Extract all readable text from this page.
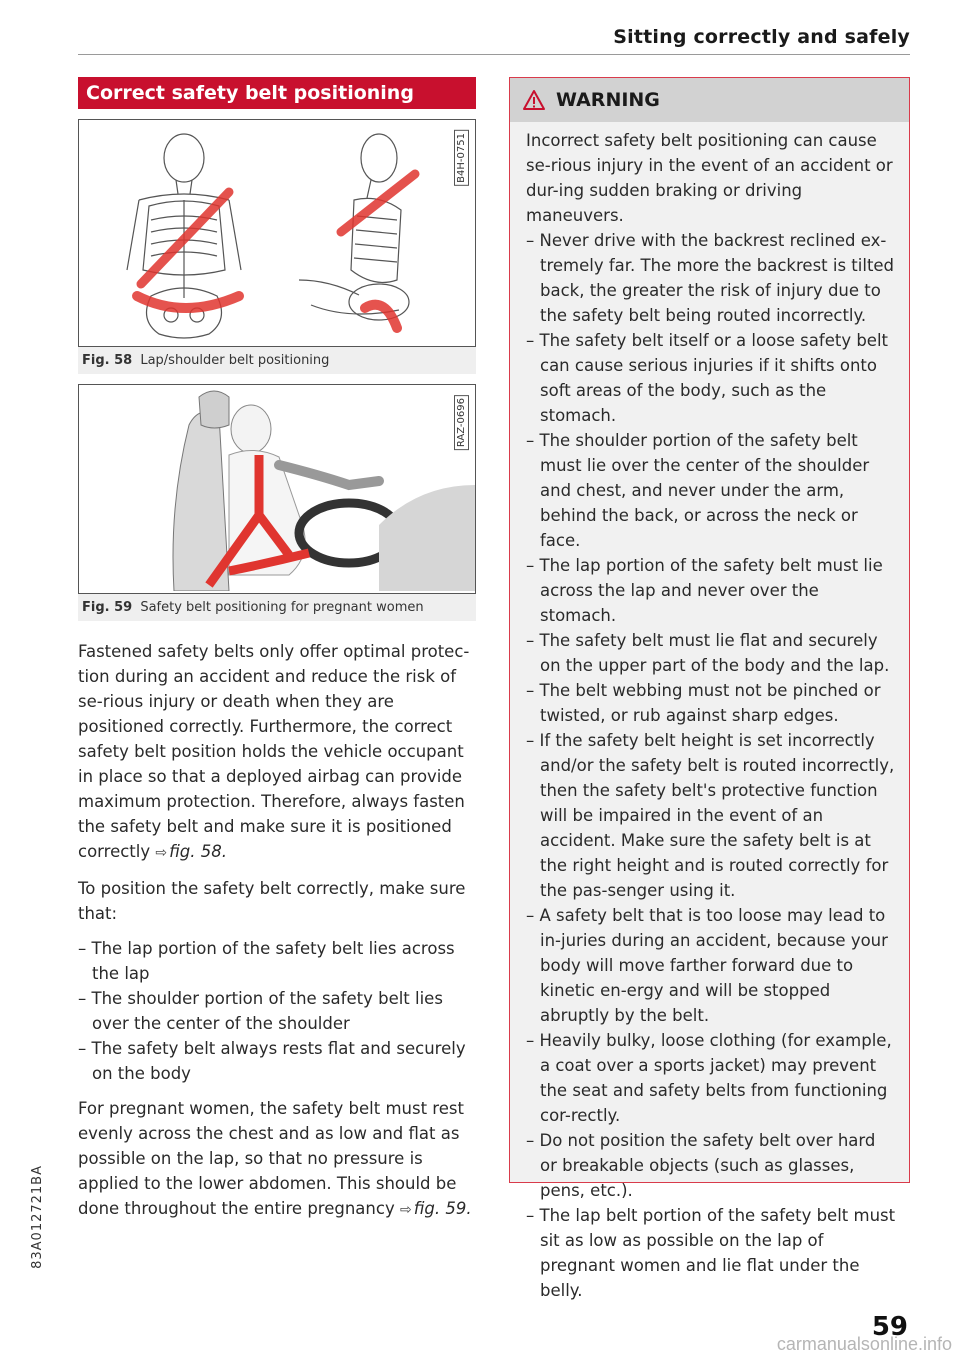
Sitting correctly and safely
Correct safety belt positioning
B4H-0751
Fig. 58 Lap/shoulder belt positioning
RAZ-0696
Fig. 59 Safety belt positioning for pregnant women

Fastened safety belts only offer optimal protec-tion during an accident and reduce the risk of se-rious injury or death when they are positioned correctly. Furthermore, the correct safety belt position holds the vehicle occupant in place so that a deployed airbag can provide maximum protection. Therefore, always fasten the safety belt and make sure it is positioned correctly ⇨ fig. 58.

To position the safety belt correctly, make sure that:

– The lap portion of the safety belt lies across the lap
– The shoulder portion of the safety belt lies over the center of the shoulder
– The safety belt always rests flat and securely on the body

For pregnant women, the safety belt must rest evenly across the chest and as low and flat as possible on the lap, so that no pressure is applied to the lower abdomen. This should be done throughout the entire pregnancy ⇨ fig. 59.

WARNING

Incorrect safety belt positioning can cause se-rious injury in the event of an accident or dur-ing sudden braking or driving maneuvers.

– Never drive with the backrest reclined ex-tremely far. The more the backrest is tilted back, the greater the risk of injury due to the safety belt being routed incorrectly.
– The safety belt itself or a loose safety belt can cause serious injuries if it shifts onto soft areas of the body, such as the stomach.
– The shoulder portion of the safety belt must lie over the center of the shoulder and chest, and never under the arm, behind the back, or across the neck or face.
– The lap portion of the safety belt must lie across the lap and never over the stomach.
– The safety belt must lie flat and securely on the upper part of the body and the lap.
– The belt webbing must not be pinched or twisted, or rub against sharp edges.
– If the safety belt height is set incorrectly and/or the safety belt is routed incorrectly, then the safety belt's protective function will be impaired in the event of an accident. Make sure the safety belt is at the right height and is routed correctly for the pas-senger using it.
– A safety belt that is too loose may lead to in-juries during an accident, because your body will move farther forward due to kinetic en-ergy and will be stopped abruptly by the belt.
– Heavily bulky, loose clothing (for example, a coat over a sports jacket) may prevent the seat and safety belts from functioning cor-rectly.
– Do not position the safety belt over hard or breakable objects (such as glasses, pens, etc.).
– The lap belt portion of the safety belt must sit as low as possible on the lap of pregnant women and lie flat under the belly.
83A012721BA
59
carmanualsonline.info
